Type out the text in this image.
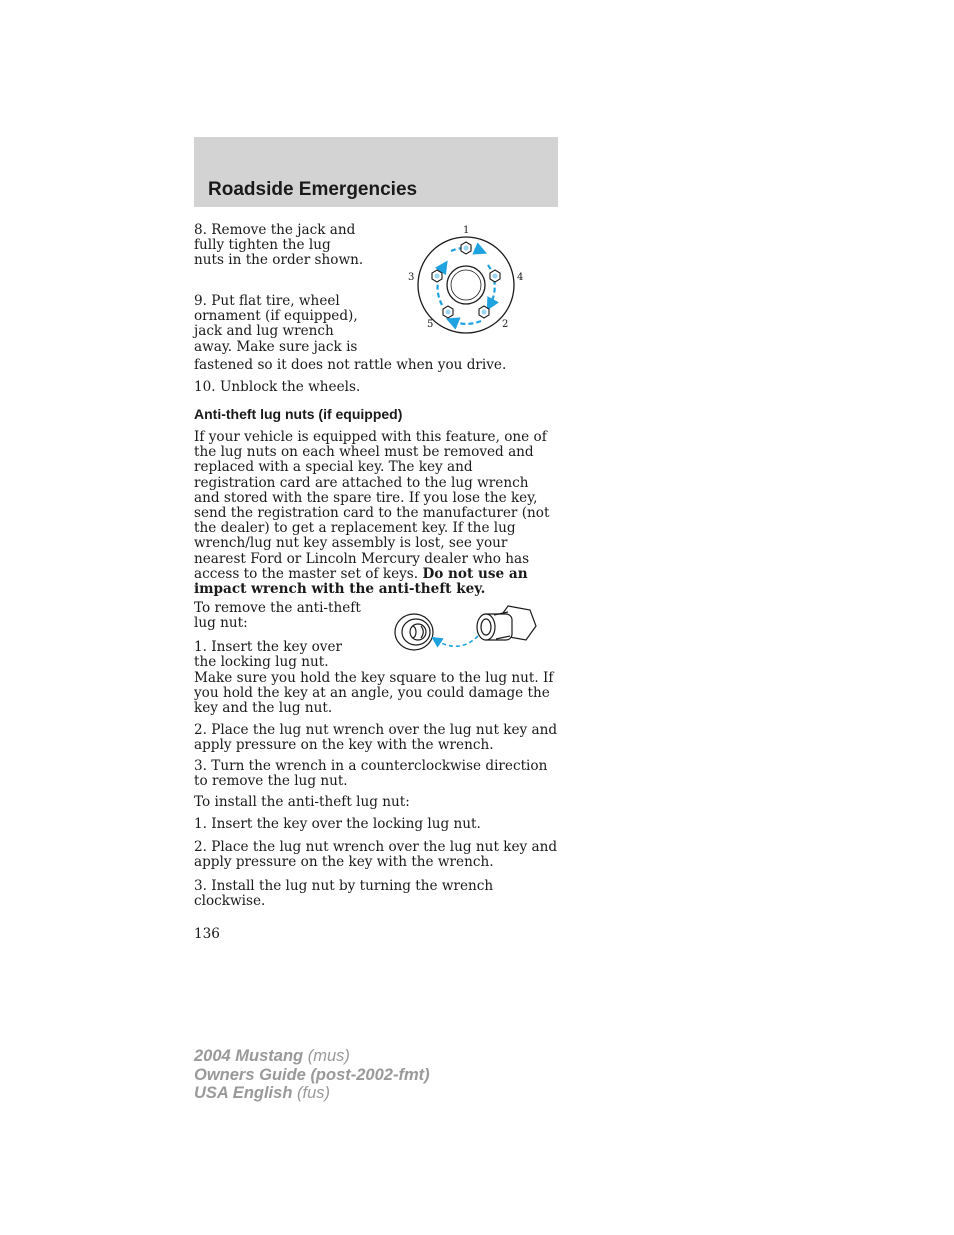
Roadside Emergencies

8. Remove the jack and fully tighten the lug nuts in the order shown.

9. Put flat tire, wheel ornament (if equipped), jack and lug wrench away. Make sure jack is

fastened so it does not rattle when you drive.

10. Unblock the wheels.

1
2
3	4
5
Anti-theft lug nuts (if equipped)

If your vehicle is equipped with this feature, one of the lug nuts on each wheel must be removed and replaced with a special key. The key and registration card are attached to the lug wrench and stored with the spare tire. If you lose the key, send the registration card to the manufacturer (not the dealer) to get a replacement key. If the lug wrench/lug nut key assembly is lost, see your nearest Ford or Lincoln Mercury dealer who has access to the master set of keys. Do not use an impact wrench with the anti-theft key.

To remove the anti-theft lug nut:

1. Insert the key over the locking lug nut.

Make sure you hold the key square to the lug nut. If you hold the key at an angle, you could damage the key and the lug nut.

2. Place the lug nut wrench over the lug nut key and apply pressure on the key with the wrench.

3. Turn the wrench in a counterclockwise direction to remove the lug nut.

To install the anti-theft lug nut:

1. Insert the key over the locking lug nut.

2. Place the lug nut wrench over the lug nut key and apply pressure on the key with the wrench.

3. Install the lug nut by turning the wrench clockwise.

136

2004 Mustang (mus)
Owners Guide (post-2002-fmt)
USA English (fus)
